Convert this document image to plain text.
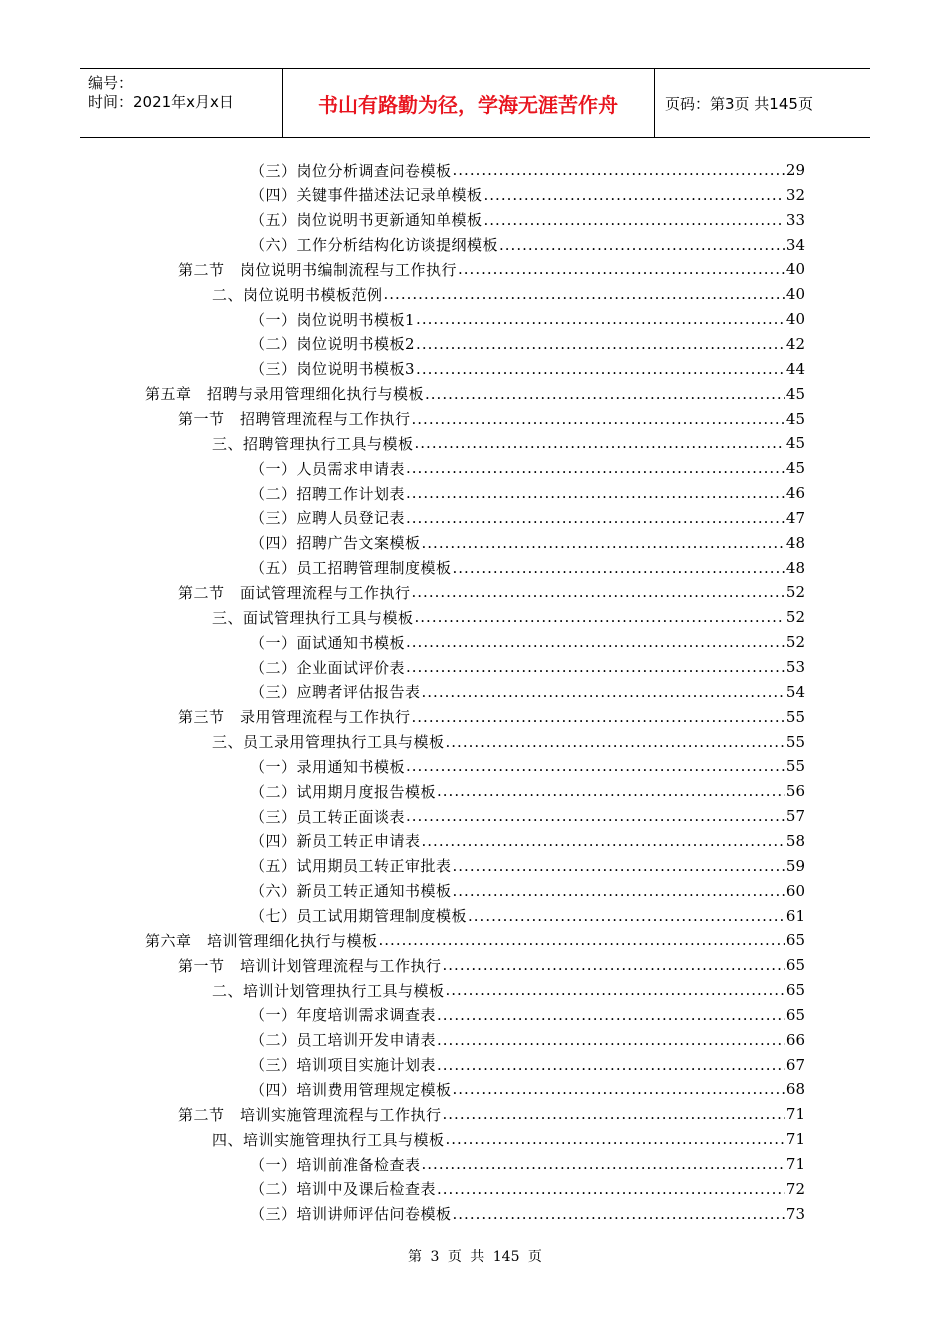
编号：
时间：2021年x月x日	书山有路勤为径，学海无涯苦作舟	页码：第3页 共145页
（三）岗位分析调查问卷模板 .....	29
（四）关键事件描述法记录单模板 .....	32
（五）岗位说明书更新通知单模板 .....	33
（六）工作分析结构化访谈提纲模板 .....	34
第二节　岗位说明书编制流程与工作执行 .....	40
二、岗位说明书模板范例 .....	40
（一）岗位说明书模板1 .....	40
（二）岗位说明书模板2 .....	42
（三）岗位说明书模板3 .....	44
第五章　招聘与录用管理细化执行与模板 .....	45
第一节　招聘管理流程与工作执行 .....	45
三、招聘管理执行工具与模板 .....	45
（一）人员需求申请表 .....	45
（二）招聘工作计划表 .....	46
（三）应聘人员登记表 .....	47
（四）招聘广告文案模板 .....	48
（五）员工招聘管理制度模板 .....	48
第二节　面试管理流程与工作执行 .....	52
三、面试管理执行工具与模板 .....	52
（一）面试通知书模板 .....	52
（二）企业面试评价表 .....	53
（三）应聘者评估报告表 .....	54
第三节　录用管理流程与工作执行 .....	55
三、员工录用管理执行工具与模板 .....	55
（一）录用通知书模板 .....	55
（二）试用期月度报告模板 .....	56
（三）员工转正面谈表 .....	57
（四）新员工转正申请表 .....	58
（五）试用期员工转正审批表 .....	59
（六）新员工转正通知书模板 .....	60
（七）员工试用期管理制度模板 .....	61
第六章　培训管理细化执行与模板 .....	65
第一节　培训计划管理流程与工作执行 .....	65
二、培训计划管理执行工具与模板 .....	65
（一）年度培训需求调查表 .....	65
（二）员工培训开发申请表 .....	66
（三）培训项目实施计划表 .....	67
（四）培训费用管理规定模板 .....	68
第二节　培训实施管理流程与工作执行 .....	71
四、培训实施管理执行工具与模板 .....	71
（一）培训前准备检查表 .....	71
（二）培训中及课后检查表 .....	72
（三）培训讲师评估问卷模板 .....	73
第 3 页 共 145 页
